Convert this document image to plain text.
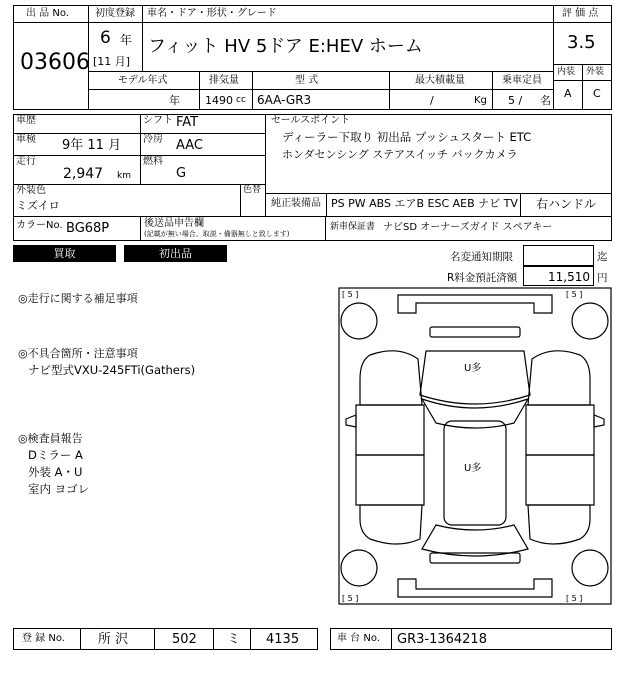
出 品 No.
03606
初度登録
6 年
[11 月]
車名・ドア・形状・グレード
フィット HV 5ドア E:HEV ホーム
評 価 点
3.5
内装 外装
A C
モデル年式
年
排気量
1490 cc
型 式
6AA-GR3
最大積載量
/	Kg
乗車定員
5 / 名
車歴	シフト FAT
車検 9年 11 月 冷房 AAC
走行
2,947 km
燃料
G
外装色
ミズイロ
色替
カラーNo. BG68P	後送品申告欄
(記載が無い場合、取説・備器無しと致します)
セールスポイント
ディーラー下取り 初出品 プッシュスタート ETC
ホンダセンシング ステアスイッチ バックカメラ
純正装備品 PS PW ABS エアB ESC AEB ナビ TV 右ハンドル
新車保証書 ナビSD オーナーズガイド スペアキー
買取	初出品	名変通知期限	迄
R料金預託済額	11,510 円
◎走行に関する補足事項
◎不具合箇所・注意事項
ナビ型式VXU-245FTi(Gathers)
◎検査員報告
Dミラー A
外装 A・U
室内 ヨゴレ
[ 5 ]	[ 5 ]
[ 5 ]	[ 5 ]
U多
U多
登 録 No.	所 沢	502 ミ 4135	車 台 No. GR3-1364218
